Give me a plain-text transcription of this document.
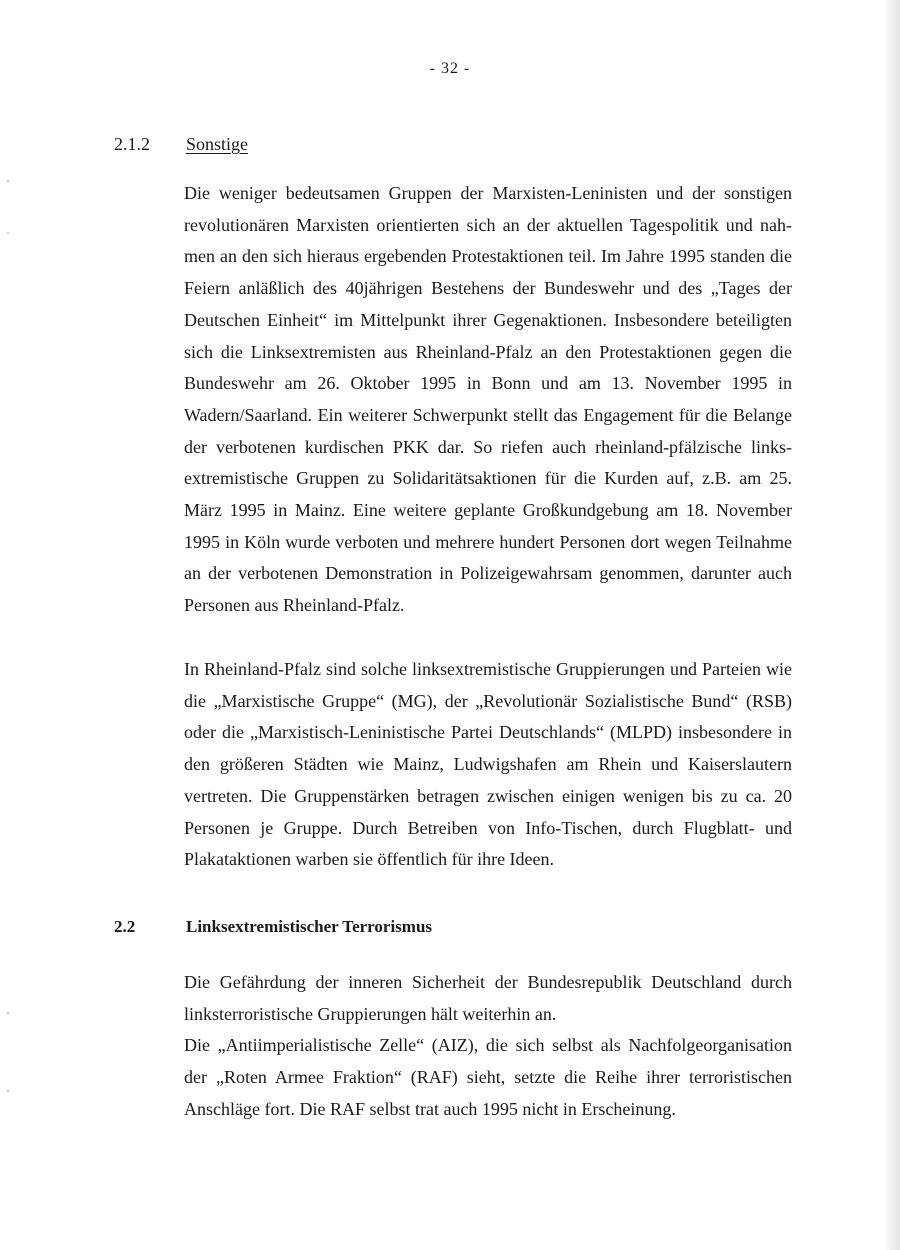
- 32 -
2.1.2 Sonstige

Die weniger bedeutsamen Gruppen der Marxisten-Leninisten und der sonstigen revolutionären Marxisten orientierten sich an der aktuellen Tagespolitik und nahmen an den sich hieraus ergebenden Protestaktionen teil. Im Jahre 1995 standen die Feiern anläßlich des 40jährigen Bestehens der Bundeswehr und des „Tages der Deutschen Einheit“ im Mittelpunkt ihrer Gegenaktionen. Insbesondere beteiligten sich die Linksextremisten aus Rheinland-Pfalz an den Protestaktionen gegen die Bundeswehr am 26. Oktober 1995 in Bonn und am 13. November 1995 in Wadern/Saarland. Ein weiterer Schwerpunkt stellt das Engagement für die Belange der verbotenen kurdischen PKK dar. So riefen auch rheinland-pfälzische linksextremistische Gruppen zu Solidaritätsaktionen für die Kurden auf, z.B. am 25. März 1995 in Mainz. Eine weitere geplante Großkundgebung am 18. November 1995 in Köln wurde verboten und mehrere hundert Personen dort wegen Teilnahme an der verbotenen Demonstration in Polizeigewahrsam genommen, darunter auch Personen aus Rheinland-Pfalz.

In Rheinland-Pfalz sind solche linksextremistische Gruppierungen und Parteien wie die „Marxistische Gruppe“ (MG), der „Revolutionär Sozialistische Bund“ (RSB) oder die „Marxistisch-Leninistische Partei Deutschlands“ (MLPD) insbesondere in den größeren Städten wie Mainz, Ludwigshafen am Rhein und Kaiserslautern vertreten. Die Gruppenstärken betragen zwischen einigen wenigen bis zu ca. 20 Personen je Gruppe. Durch Betreiben von Info-Tischen, durch Flugblatt- und Plakataktionen warben sie öffentlich für ihre Ideen.

2.2	Linksextremistischer Terrorismus

Die Gefährdung der inneren Sicherheit der Bundesrepublik Deutschland durch linksterroristische Gruppierungen hält weiterhin an.

Die „Antiimperialistische Zelle“ (AIZ), die sich selbst als Nachfolgeorganisation der „Roten Armee Fraktion“ (RAF) sieht, setzte die Reihe ihrer terroristischen Anschläge fort. Die RAF selbst trat auch 1995 nicht in Erscheinung.
